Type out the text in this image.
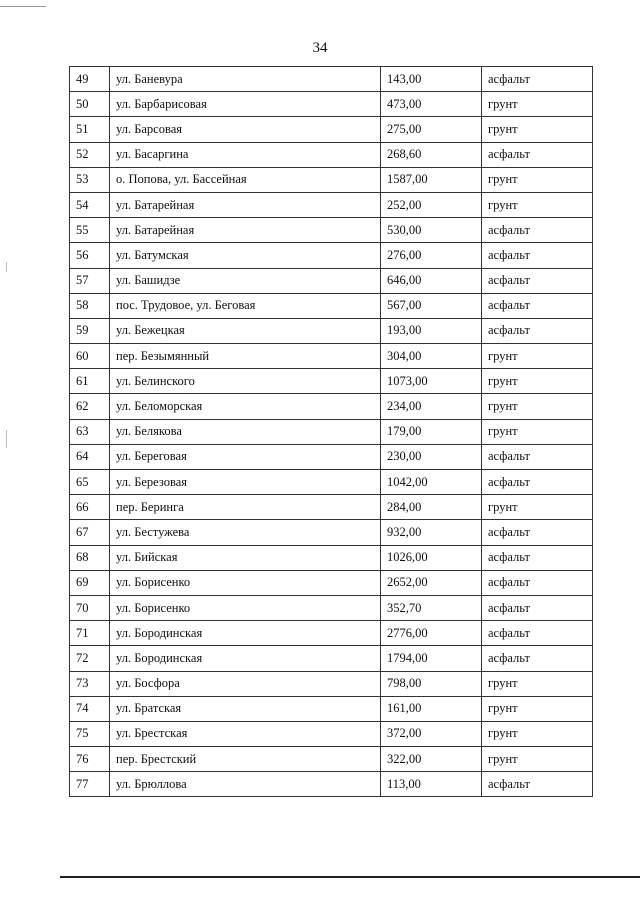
34
49	ул. Баневура	143,00	асфальт
50	ул. Барбарисовая	473,00	грунт
51	ул. Барсовая	275,00	грунт
52	ул. Басаргина	268,60	асфальт
53	о. Попова, ул. Бассейная	1587,00	грунт
54	ул. Батарейная	252,00	грунт
55	ул. Батарейная	530,00	асфальт
56	ул. Батумская	276,00	асфальт
57	ул. Башидзе	646,00	асфальт
58	пос. Трудовое, ул. Беговая	567,00	асфальт
59	ул. Бежецкая	193,00	асфальт
60	пер. Безымянный	304,00	грунт
61	ул. Белинского	1073,00	грунт
62	ул. Беломорская	234,00	грунт
63	ул. Белякова	179,00	грунт
64	ул. Береговая	230,00	асфальт
65	ул. Березовая	1042,00	асфальт
66	пер. Беринга	284,00	грунт
67	ул. Бестужева	932,00	асфальт
68	ул. Бийская	1026,00	асфальт
69	ул. Борисенко	2652,00	асфальт
70	ул. Борисенко	352,70	асфальт
71	ул. Бородинская	2776,00	асфальт
72	ул. Бородинская	1794,00	асфальт
73	ул. Босфора	798,00	грунт
74	ул. Братская	161,00	грунт
75	ул. Брестская	372,00	грунт
76	пер. Брестский	322,00	грунт
77	ул. Брюллова	113,00	асфальт
